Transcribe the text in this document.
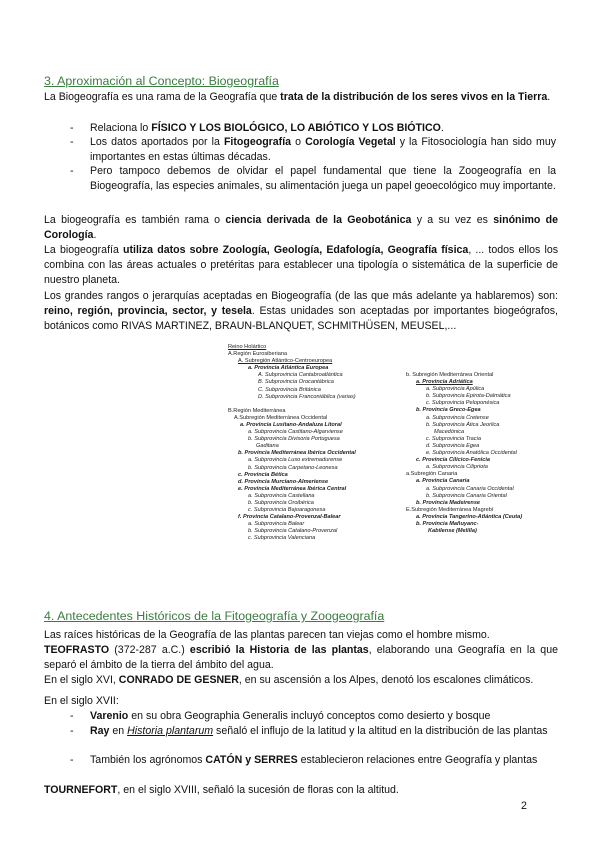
3. Aproximación al Concepto: Biogeografía
La Biogeografía es una rama de la Geografía que trata de la distribución de los seres vivos en la Tierra.
- Relaciona lo FÍSICO Y LOS BIOLÓGICO, LO ABIÓTICO Y LOS BIÓTICO.
- Los datos aportados por la Fitogeografía o Corología Vegetal y la Fitosociología han sido muy importantes en estas últimas décadas.
- Pero tampoco debemos de olvidar el papel fundamental que tiene la Zoogeografía en la Biogeografía, las especies animales, su alimentación juega un papel geoecológico muy importante.
La biogeografía es también rama o ciencia derivada de la Geobotánica y a su vez es sinónimo de Corología.
La biogeografía utiliza datos sobre Zoología, Geología, Edafología, Geografía física, ... todos ellos los combina con las áreas actuales o pretéritas para establecer una tipología o sistemática de la superficie de nuestro planeta.
Los grandes rangos o jerarquías aceptadas en Biogeografía (de las que más adelante ya hablaremos) son: reino, región, provincia, sector, y tesela. Estas unidades son aceptadas por importantes biogeógrafos, botánicos como RIVAS MARTINEZ, BRAUN-BLANQUET, SCHMITHÜSEN, MEUSEL,...
Reino Holártico
A.Región Eurosiberiana
A. Subregión Atlántico-Centroeuropea
a. Provincia Atlántica Europea
A. Subprovincia Cantabroatlántica
B. Subprovincia Orocantábrica
C. Subprovincia Británica
D. Subprovincia Franconiáblica (varias)
B.Región Mediterránea
A.Subregión Mediterránea Occidental
a. Provincia Lusitano-Andaluza Litoral
a. Subprovincia Castitano-Algarviense
b. Subprovincia Divisoria Portuguesa
Gaditana
b. Provincia Mediterránea Ibérica Occidental
a. Subprovincia Luso extremadurense
b. Subprovincia Carpetano-Leonesa
c. Provincia Bética
d. Provincia Murciano-Almeriense
e. Provincia Mediterránea Ibérica Central
a. Subprovincia Castellana
b. Subprovincia Oroibérica
c. Subprovincia Bajoaragonesa
f. Provincia Catalano-Provenzal-Balear
a. Subprovincia Balear
b. Subprovincia Catalano-Provenzal
c. Subprovincia Valenciana
b. Subregión Mediterránea Oriental
a. Provincia Adriática
a. Subprovincia Apúlica
b. Subprovincia Epirota-Dalmática
c. Subprovincia Peloponésica
b. Provincia Greco-Egea
a. Subprovincia Cretense
b. Subprovincia Ática Jeorlica
Macedónica
c. Subprovincia Tracia
d. Subprovincia Egea
e. Subprovincia Anatólica Occidental
c. Provincia Cilicico-Fenicia
a. Subprovincia Cilipriota
a.Subregión Canaria
a. Provincia Canaria
a. Subprovincia Canaria Occidental
b. Subprovincia Canaria Oriental
b. Provincia Madeirense
E.Subregión Mediterránea Magrebí
a. Provincia Tangerino-Atlántica (Ceuta)
b. Provincia Mañuyanc-
Kabilense (Melilla)
4. Antecedentes Históricos de la Fitogeografía y Zoogeografía
Las raíces históricas de la Geografía de las plantas parecen tan viejas como el hombre mismo.
TEOFRASTO (372-287 a.C.) escribió la Historia de las plantas, elaborando una Geografía en la que separó el ámbito de la tierra del ámbito del agua.
En el siglo XVI, CONRADO DE GESNER, en su ascensión a los Alpes, denotó los escalones climáticos.
En el siglo XVII:
- Varenio en su obra Geographia Generalis incluyó conceptos como desierto y bosque
- Ray en Historia plantarum señaló el influjo de la latitud y la altitud en la distribución de las plantas
- También los agrónomos CATÓN y SERRES establecieron relaciones entre Geografía y plantas
TOURNEFORT, en el siglo XVIII, señaló la sucesión de floras con la altitud.
2
